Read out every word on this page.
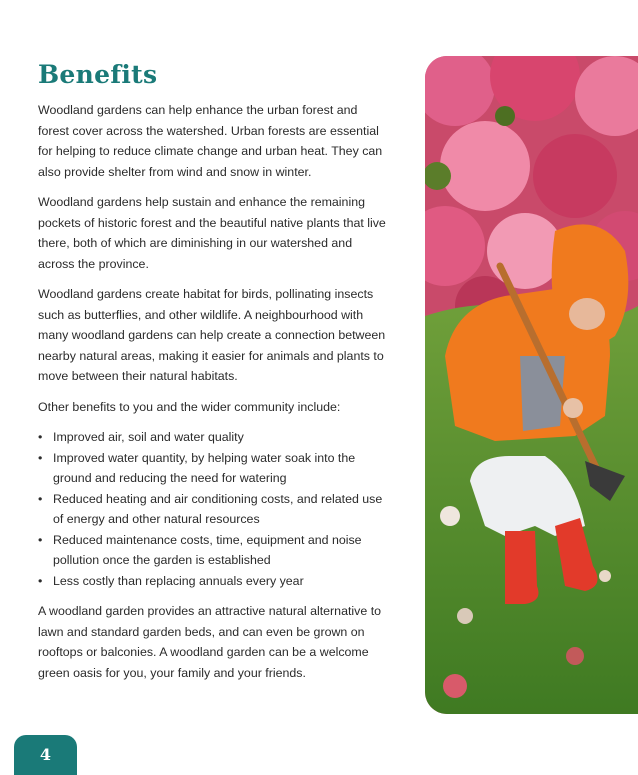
Benefits

Woodland gardens can help enhance the urban forest and forest cover across the watershed. Urban forests are essential for helping to reduce climate change and urban heat. They can also provide shelter from wind and snow in winter.

Woodland gardens help sustain and enhance the remaining pockets of historic forest and the beautiful native plants that live there, both of which are diminishing in our watershed and across the province.

Woodland gardens create habitat for birds, pollinating insects such as butterflies, and other wildlife. A neighbourhood with many woodland gardens can help create a connection between nearby natural areas, making it easier for animals and plants to move between their natural habitats.

Other benefits to you and the wider community include:

• Improved air, soil and water quality
• Improved water quantity, by helping water soak into the ground and reducing the need for watering
• Reduced heating and air conditioning costs, and related use of energy and other natural resources
• Reduced maintenance costs, time, equipment and noise pollution once the garden is established
• Less costly than replacing annuals every year

A woodland garden provides an attractive natural alternative to lawn and standard garden beds, and can even be grown on rooftops or balconies. A woodland garden can be a welcome green oasis for you, your family and your friends.

4
